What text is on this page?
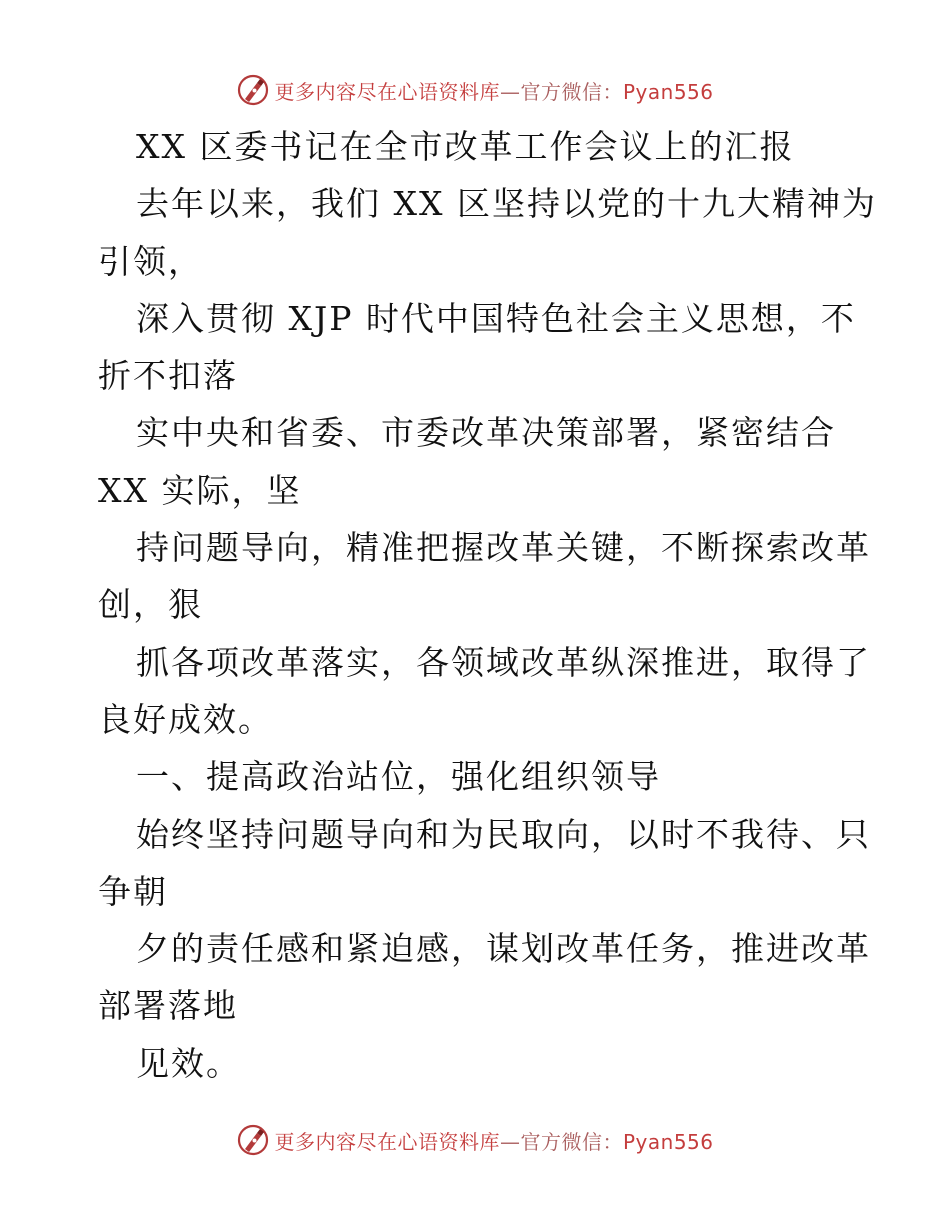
更多内容尽在心语资料库—官方微信：Pyan556
XX 区委书记在全市改革工作会议上的汇报
去年以来，我们 XX 区坚持以党的十九大精神为
引领，
深入贯彻 XJP 时代中国特色社会主义思想，不
折不扣落
实中央和省委、市委改革决策部署，紧密结合
XX 实际，坚
持问题导向，精准把握改革关键，不断探索改革
创，狠
抓各项改革落实，各领域改革纵深推进，取得了
良好成效。
一、提高政治站位，强化组织领导
始终坚持问题导向和为民取向，以时不我待、只
争朝
夕的责任感和紧迫感，谋划改革任务，推进改革
部署落地
见效。
更多内容尽在心语资料库—官方微信：Pyan556
